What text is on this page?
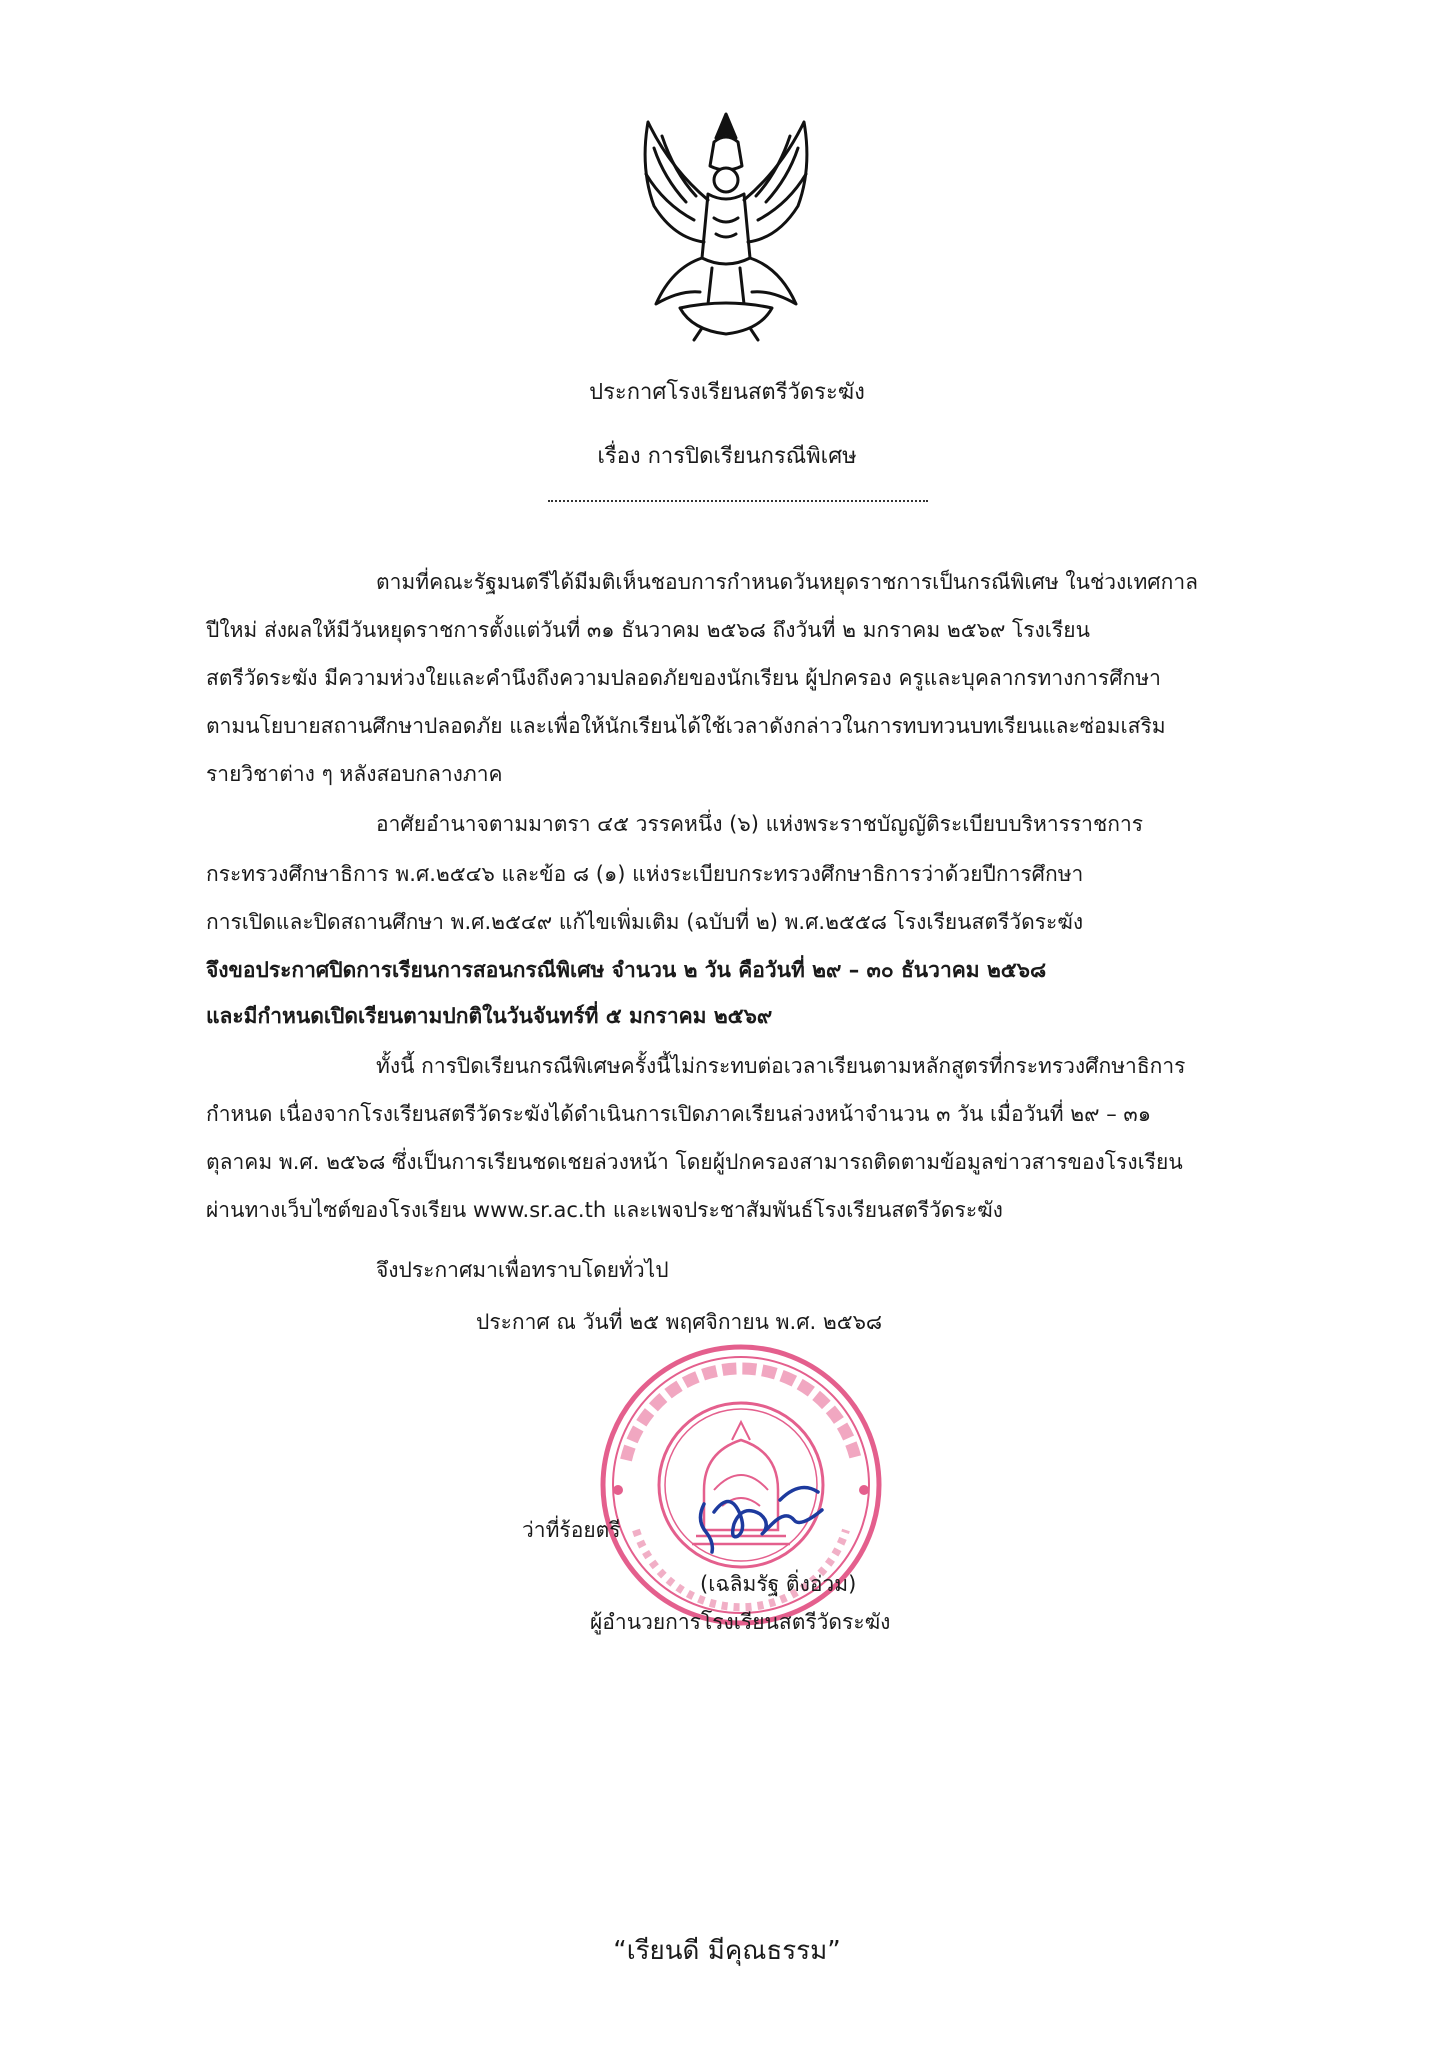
ประกาศโรงเรียนสตรีวัดระฆัง
เรื่อง การปิดเรียนกรณีพิเศษ
ตามที่คณะรัฐมนตรีได้มีมติเห็นชอบการกำหนดวันหยุดราชการเป็นกรณีพิเศษ ในช่วงเทศกาล
ปีใหม่ ส่งผลให้มีวันหยุดราชการตั้งแต่วันที่ ๓๑ ธันวาคม ๒๕๖๘ ถึงวันที่ ๒ มกราคม ๒๕๖๙ โรงเรียน
สตรีวัดระฆัง มีความห่วงใยและคำนึงถึงความปลอดภัยของนักเรียน ผู้ปกครอง ครูและบุคลากรทางการศึกษา
ตามนโยบายสถานศึกษาปลอดภัย และเพื่อให้นักเรียนได้ใช้เวลาดังกล่าวในการทบทวนบทเรียนและซ่อมเสริม
รายวิชาต่าง ๆ หลังสอบกลางภาค
อาศัยอำนาจตามมาตรา ๔๕ วรรคหนึ่ง (๖) แห่งพระราชบัญญัติระเบียบบริหารราชการ
กระทรวงศึกษาธิการ พ.ศ.๒๕๔๖ และข้อ ๘ (๑) แห่งระเบียบกระทรวงศึกษาธิการว่าด้วยปีการศึกษา
การเปิดและปิดสถานศึกษา พ.ศ.๒๕๔๙ แก้ไขเพิ่มเติม (ฉบับที่ ๒) พ.ศ.๒๕๕๘ โรงเรียนสตรีวัดระฆัง
จึงขอประกาศปิดการเรียนการสอนกรณีพิเศษ จำนวน ๒ วัน คือวันที่ ๒๙ – ๓๐ ธันวาคม ๒๕๖๘
และมีกำหนดเปิดเรียนตามปกติในวันจันทร์ที่ ๕ มกราคม ๒๕๖๙
ทั้งนี้ การปิดเรียนกรณีพิเศษครั้งนี้ไม่กระทบต่อเวลาเรียนตามหลักสูตรที่กระทรวงศึกษาธิการ
กำหนด เนื่องจากโรงเรียนสตรีวัดระฆังได้ดำเนินการเปิดภาคเรียนล่วงหน้าจำนวน ๓ วัน เมื่อวันที่ ๒๙ – ๓๑
ตุลาคม พ.ศ. ๒๕๖๘ ซึ่งเป็นการเรียนชดเชยล่วงหน้า โดยผู้ปกครองสามารถติดตามข้อมูลข่าวสารของโรงเรียน
ผ่านทางเว็บไซต์ของโรงเรียน www.sr.ac.th และเพจประชาสัมพันธ์โรงเรียนสตรีวัดระฆัง
จึงประกาศมาเพื่อทราบโดยทั่วไป
ประกาศ ณ วันที่ ๒๕ พฤศจิกายน พ.ศ. ๒๕๖๘
ว่าที่ร้อยตรี
(เฉลิมรัฐ ติ่งอ่วม)
ผู้อำนวยการโรงเรียนสตรีวัดระฆัง
“เรียนดี มีคุณธรรม”
